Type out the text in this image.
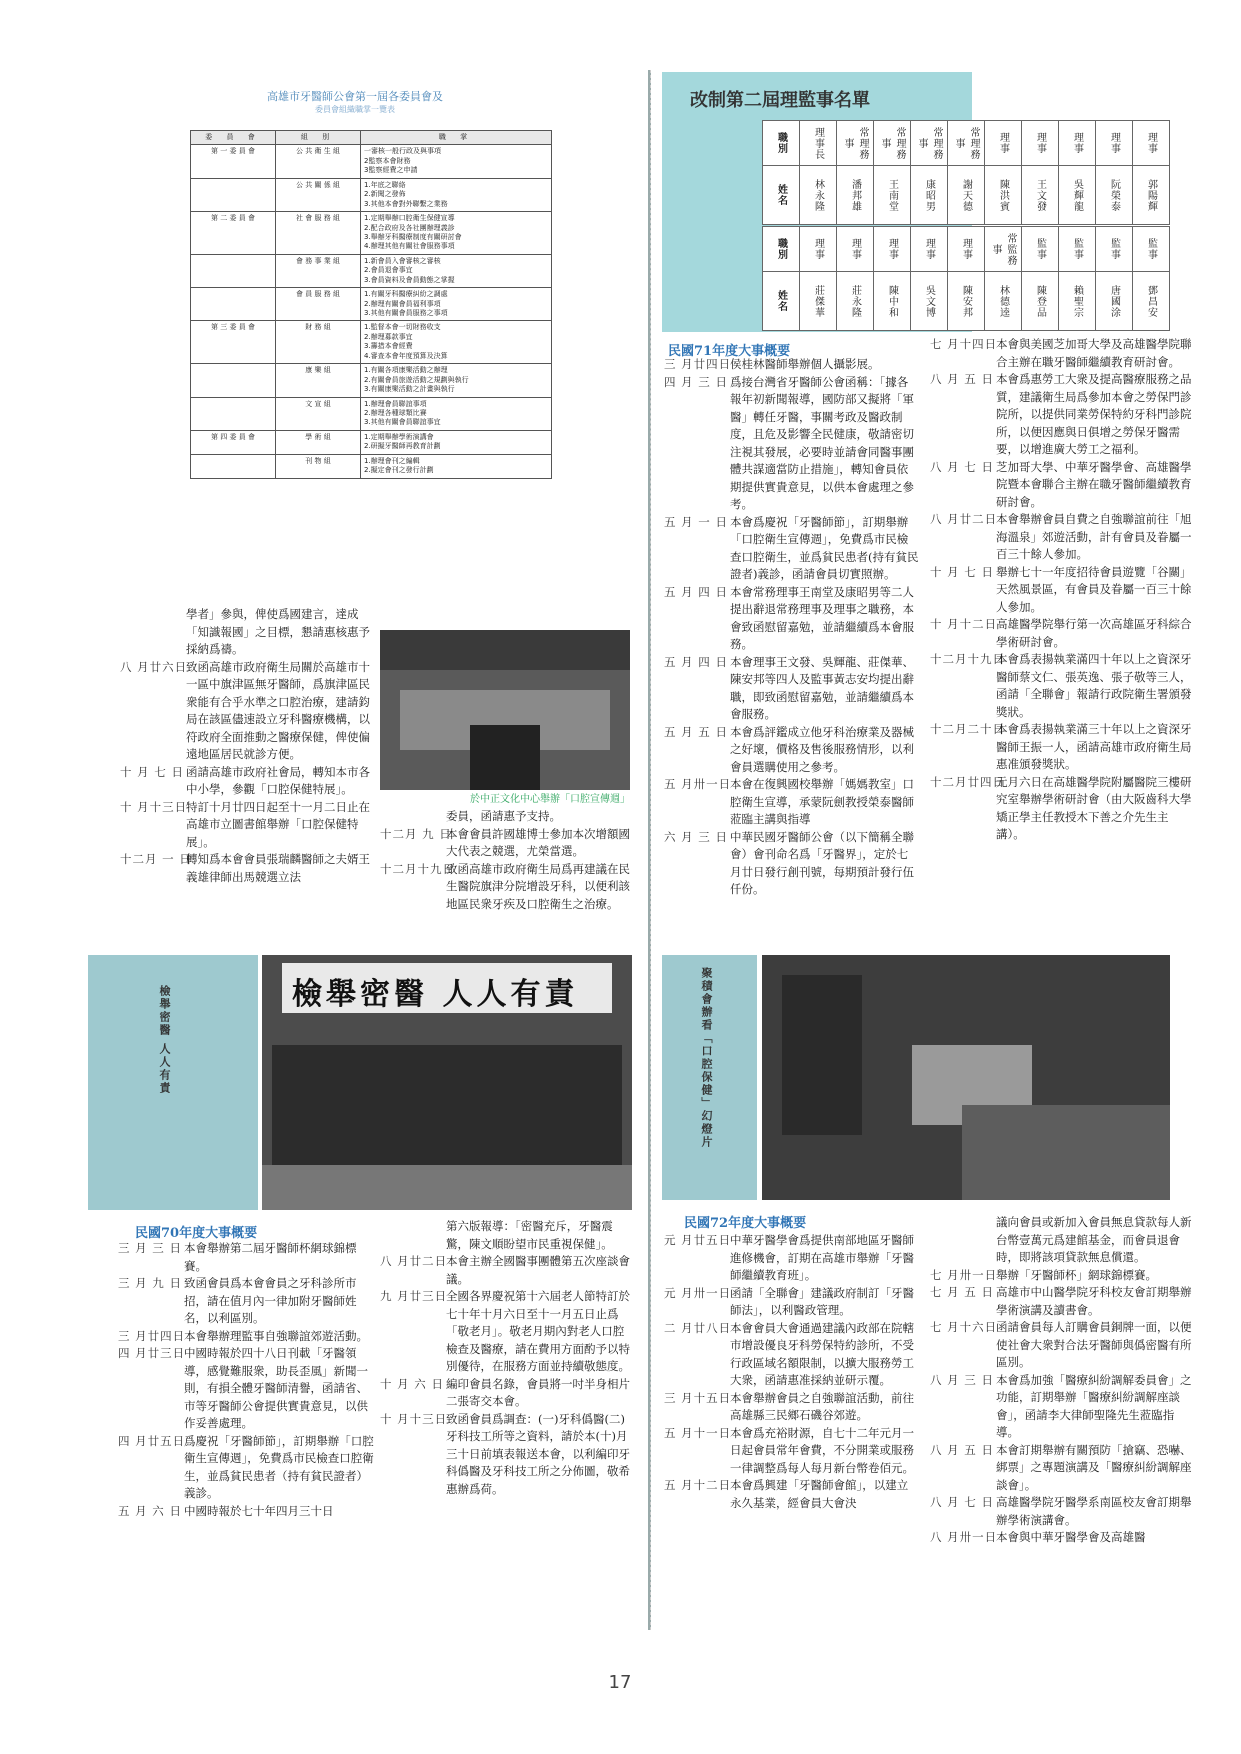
高雄市牙醫師公會第一屆各委員會及
委員會組織職掌一覽表
委 員 會	組 別	職 掌
第 一 委 員 會	公 共 衛 生 組	一審核一般行政及與事項
2監察本會財務
3監察經費之申請
	公 共 關 係 組	1.年底之聯絡
2.新聞之發佈
3.其他本會對外聯繫之業務
第 二 委 員 會	社 會 服 務 組	1.定期舉辦口腔衛生保健宣導
2.配合政府及各社團辦理義診
3.舉辦牙科醫療制度有關研討會
4.辦理其他有關社會服務事項
	會 務 事 業 組	1.新會員入會審核之審核
2.會員退會事宜
3.會員資料及會員動態之掌握
	會 員 服 務 組	1.有關牙科醫療糾紛之調處
2.辦理有關會員福利事項
3.其他有關會員服務之事項
第 三 委 員 會	財 務 組	1.監督本會一切財務收支
2.辦理募款事宜
3.籌措本會經費
4.審查本會年度預算及決算
	康 樂 組	1.有關各項康樂活動之辦理
2.有關會員旅遊活動之規劃與執行
3.有關康樂活動之計畫與執行
	文 宣 組	1.辦理會員聯誼事項
2.辦理各種球類比賽
3.其他有關會員聯誼事宜
第 四 委 員 會	學 術 組	1.定期舉辦學術演講會
2.研擬牙醫師再教育計劃
	刊 物 組	1.辦理會刊之編輯
2.擬定會刊之發行計劃
學者」參與，俾使爲國建言，達成「知識報國」之目標，懇請惠核惠予採納爲禱。
八 月廿六日
致函高雄市政府衛生局關於高雄市十一區中旗津區無牙醫師，爲旗津區民衆能有合乎水準之口腔治療，建請鈞局在該區儘速設立牙科醫療機構，以符政府全面推動之醫療保健，俾使偏遠地區居民就診方便。
十 月 七 日 函請高雄市政府社會局，轉知本市各中小學，參觀「口腔保健特展」。
十 月十三日
特訂十月廿四日起至十一月二日止在高雄市立圖書館舉辦「口腔保健特展」。
十二月 一 日
轉知爲本會會員張瑞麟醫師之夫婿王義雄律師出馬競選立法
於中正文化中心舉辦「口腔宣傳週」
委員，函請惠予支持。
十二月 九 日
本會會員許國雄博士參加本次增額國大代表之競選，尤榮當選。
十二月十九日
致函高雄市政府衛生局爲再建議在民生醫院旗津分院增設牙科，以便利該地區民衆牙疾及口腔衛生之治療。
檢舉密醫 人人有責	檢舉密醫 人人有責
民國70年度大事概要
三 月 三 日 本會舉辦第二屆牙醫師杯網球錦標賽。
三 月 九 日 致函會員爲本會會員之牙科診所市招，請在值月內一律加附牙醫師姓名，以利區別。
三 月廿四日
本會舉辦理監事自強聯誼郊遊活動。
四 月廿三日
中國時報於四十八日刊載「牙醫領導，感覺難服衆，助長歪風」新聞一則，有損全體牙醫師清譽，函請省、市等牙醫師公會提供實貴意見，以供作妥善處理。
四 月廿五日
爲慶祝「牙醫師節」，訂期舉辦「口腔衛生宣傳週」，免費爲市民檢查口腔衛生，並爲貧民患者（持有貧民證者）義診。
五 月 六 日 中國時報於七十年四月三十日
第六版報導：「密醫充斥，牙醫震驚，陳文順盼望市民重視保健」。
八 月廿二日
本會主辦全國醫事團體第五次座談會議。
九 月廿三日
全國各界慶祝第十六屆老人節特訂於七十年十月六日至十一月五日止爲「敬老月」。敬老月期內對老人口腔檢查及醫療，請在費用方面酌予以特別優待，在服務方面並持續敬態度。
十 月 六 日 編印會員名錄，會員將一吋半身相片二張寄交本會。
十 月十三日
致函會員爲調查：(一)牙科僞醫(二)牙科技工所等之資料，請於本(十)月三十日前填表報送本會，以利編印牙科僞醫及牙科技工所之分佈圖，敬希惠辦爲荷。
改制第二屆理監事名單
職別	理事長	常理務事	常理務事	常理務事	常理務事	理事	理事	理事	理事	理事
姓名	林永隆	潘邦雄	王南堂	康昭男	謝天德	陳洪賓	王文發	吳輝龍	阮榮泰	郭陽輝
職別	理事	理事	理事	理事	理事	常監務事	監事	監事	監事	監事
姓名	莊傑華	莊永隆	陳中和	吳文博	陳安邦	林德逵	陳登品	賴聖宗	唐國涂	鄧昌安
民國71年度大事概要
三 月廿四日
侯桂林醫師舉辦個人攝影展。
四 月 三 日 爲接台灣省牙醫師公會函稱：「據各報年初新聞報導，國防部又擬將「軍醫」轉任牙醫，事關考政及醫政制度，且危及影響全民健康，敬請密切注視其發展，必要時並請會同醫事團體共謀適當防止措施」，轉知會員依期提供實貴意見，以供本會處理之參考。
五 月 一 日 本會爲慶祝「牙醫師節」，訂期舉辦「口腔衛生宣傳週」，免費爲市民檢查口腔衛生，並爲貧民患者(持有貧民證者)義診，函請會員切實照辦。
五 月 四 日 本會常務理事王南堂及康昭男等二人提出辭退常務理事及理事之職務，本會致函慰留嘉勉，並請繼續爲本會服務。
五 月 四 日 本會理事王文發、吳輝龍、莊傑華、陳安邦等四人及監事黃志安均提出辭職，即致函慰留嘉勉，並請繼續爲本會服務。
五 月 五 日 本會爲評鑑成立他牙科治療業及器械之好壞，價格及售後服務情形，以利會員選購使用之參考。
五 月卅一日
本會在復興國校舉辦「媽媽教室」口腔衛生宣導，承蒙阮劍教授榮泰醫師蒞臨主講與指導
六 月 三 日 中華民國牙醫師公會（以下簡稱全聯會）會刊命名爲「牙醫界」，定於七月廿日發行創刊號，每期預計發行伍仟份。
七 月十四日
本會與美國芝加哥大學及高雄醫學院聯合主辦在職牙醫師繼續教育研討會。
八 月 五 日 本會爲惠勞工大衆及提高醫療服務之品質，建議衛生局爲參加本會之勞保門診院所，以提供同業勞保特約牙科門診院所，以便因應與日俱增之勞保牙醫需要，以增進廣大勞工之福利。
八 月 七 日 芝加哥大學、中華牙醫學會、高雄醫學院暨本會聯合主辦在職牙醫師繼續教育研討會。
八 月廿二日
本會舉辦會員自費之自強聯誼前往「旭海溫泉」郊遊活動，計有會員及眷屬一百三十餘人參加。
十 月 七 日 舉辦七十一年度招待會員遊覽「谷關」天然風景區，有會員及眷屬一百三十餘人參加。
十 月十二日
高雄醫學院舉行第一次高雄區牙科綜合學術研討會。
十二月十九日
本會爲表揚執業滿四十年以上之資深牙醫師蔡文仁、張英逸、張子敬等三人，函請「全聯會」報請行政院衛生署頒發獎狀。
十二月二十日
本會爲表揚執業滿三十年以上之資深牙醫師王振一人，函請高雄市政府衛生局惠准頒發獎狀。
十二月廿四日
元月六日在高雄醫學院附屬醫院三樓研究室舉辦學術研討會（由大阪齒科大學矯正學主任教授木下善之介先生主講）。
聚積會辦看「口腔保健」幻燈片
民國72年度大事概要
元 月廿五日
中華牙醫學會爲提供南部地區牙醫師進修機會，訂期在高雄市舉辦「牙醫師繼續教育班」。
元 月卅一日
函請「全聯會」建議政府制訂「牙醫師法」，以利醫政管理。
二 月廿八日
本會會員大會通過建議內政部在院轄市增設優良牙科勞保特約診所，不受行政區域名額限制，以擴大服務勞工大衆，函請惠准採納並研示覆。
三 月十五日
本會舉辦會員之自強聯誼活動，前往高雄縣三民鄉石磯谷郊遊。
五 月十一日
本會爲充裕財源，自七十二年元月一日起會員常年會費，不分開業或服務一律調整爲每人每月新台幣卷佰元。
五 月十二日
本會爲興建「牙醫師會館」，以建立永久基業，經會員大會決
議向會員或新加入會員無息貸款每人新台幣壹萬元爲建館基金，而會員退會時，即將該項貸款無息償還。
七 月卅一日
舉辦「牙醫師杯」網球錦標賽。
七 月 五 日 高雄市中山醫學院牙科校友會訂期舉辦學術演講及讀書會。
七 月十六日
函請會員每人訂購會員銅牌一面，以便使社會大衆對合法牙醫師與僞密醫有所區別。
八 月 三 日 本會爲加強「醫療糾紛調解委員會」之功能，訂期舉辦「醫療糾紛調解座談會」，函請李大律師聖隆先生蒞臨指導。
八 月 五 日 本會訂期舉辦有關預防「搶竊、恐嚇、綁票」之專題演講及「醫療糾紛調解座談會」。
八 月 七 日 高雄醫學院牙醫學系南區校友會訂期舉辦學術演講會。
八 月卅一日
本會與中華牙醫學會及高雄醫
17
